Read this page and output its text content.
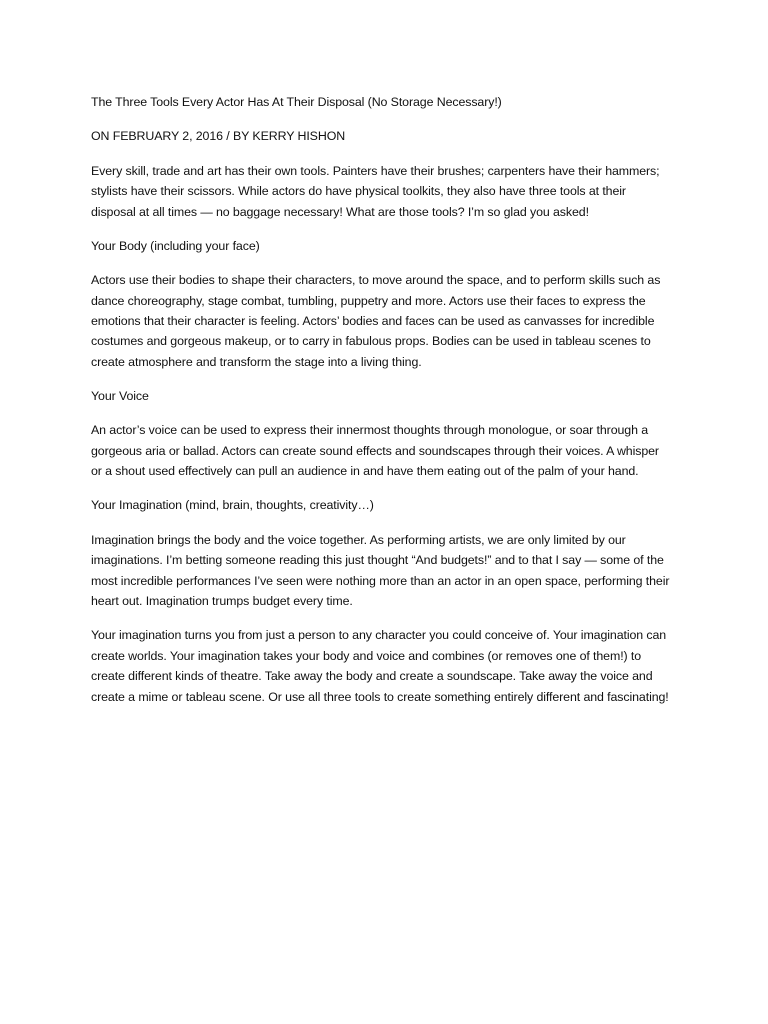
The Three Tools Every Actor Has At Their Disposal (No Storage Necessary!)

ON FEBRUARY 2, 2016 / BY KERRY HISHON

Every skill, trade and art has their own tools. Painters have their brushes; carpenters have their hammers; stylists have their scissors. While actors do have physical toolkits, they also have three tools at their disposal at all times — no baggage necessary! What are those tools? I’m so glad you asked!

Your Body (including your face)

Actors use their bodies to shape their characters, to move around the space, and to perform skills such as dance choreography, stage combat, tumbling, puppetry and more. Actors use their faces to express the emotions that their character is feeling. Actors’ bodies and faces can be used as canvasses for incredible costumes and gorgeous makeup, or to carry in fabulous props. Bodies can be used in tableau scenes to create atmosphere and transform the stage into a living thing.

Your Voice

An actor’s voice can be used to express their innermost thoughts through monologue, or soar through a gorgeous aria or ballad. Actors can create sound effects and soundscapes through their voices. A whisper or a shout used effectively can pull an audience in and have them eating out of the palm of your hand.

Your Imagination (mind, brain, thoughts, creativity…)

Imagination brings the body and the voice together. As performing artists, we are only limited by our imaginations. I’m betting someone reading this just thought “And budgets!” and to that I say — some of the most incredible performances I’ve seen were nothing more than an actor in an open space, performing their heart out. Imagination trumps budget every time.

Your imagination turns you from just a person to any character you could conceive of. Your imagination can create worlds. Your imagination takes your body and voice and combines (or removes one of them!) to create different kinds of theatre. Take away the body and create a soundscape. Take away the voice and create a mime or tableau scene. Or use all three tools to create something entirely different and fascinating!
